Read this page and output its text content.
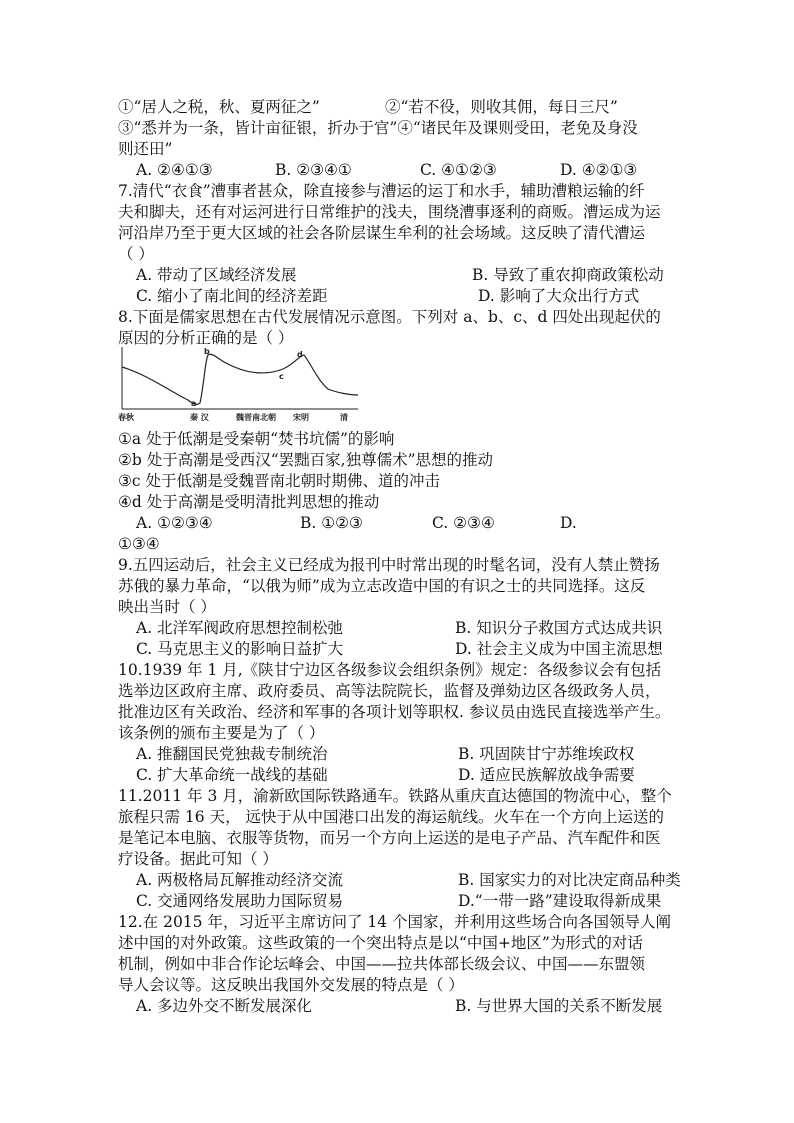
①“居人之税，秋、夏两征之”	②“若不役，则收其佣，每日三尺”
③“悉并为一条，皆计亩征银，折办于官”④“诸民年及课则受田，老免及身没
则还田”
A. ②④①③	B. ②③④①	C. ④①②③	D. ④②①③
7.清代“衣食”漕事者甚众，除直接参与漕运的运丁和水手，辅助漕粮运输的纤
夫和脚夫，还有对运河进行日常维护的浅夫，围绕漕事逐利的商贩。漕运成为运
河沿岸乃至于更大区域的社会各阶层谋生牟利的社会场域。这反映了清代漕运
（ ）
A. 带动了区域经济发展	B. 导致了重农抑商政策松动
C. 缩小了南北间的经济差距	D. 影响了大众出行方式
8.下面是儒家思想在古代发展情况示意图。下列对 a、b、c、d 四处出现起伏的
原因的分析正确的是（ ）
a
b
c
d
春秋	秦 汉	魏晋南北朝 宋明	清
①a 处于低潮是受秦朝“焚书坑儒”的影响
②b 处于高潮是受西汉“罢黜百家,独尊儒术”思想的推动
③c 处于低潮是受魏晋南北朝时期佛、道的冲击
④d 处于高潮是受明清批判思想的推动
A. ①②③④	B. ①②③	C. ②③④	D.
①③④
9.五四运动后，社会主义已经成为报刊中时常出现的时髦名词，没有人禁止赞扬
苏俄的暴力革命，“以俄为师”成为立志改造中国的有识之士的共同选择。这反
映出当时（ ）
A. 北洋军阀政府思想控制松弛	B. 知识分子救国方式达成共识
C. 马克思主义的影响日益扩大	D. 社会主义成为中国主流思想
10.1939 年 1 月,《陕甘宁边区各级参议会组织条例》规定：各级参议会有包括
选举边区政府主席、政府委员、高等法院院长，监督及弹劾边区各级政务人员，
批准边区有关政治、经济和军事的各项计划等职权. 参议员由选民直接选举产生。
该条例的颁布主要是为了（ ）
A. 推翻国民党独裁专制统治	B. 巩固陕甘宁苏维埃政权
C. 扩大革命统一战线的基础	D. 适应民族解放战争需要
11.2011 年 3 月，渝新欧国际铁路通车。铁路从重庆直达德国的物流中心，整个
旅程只需 16 天， 远快于从中国港口出发的海运航线。火车在一个方向上运送的
是笔记本电脑、衣服等货物，而另一个方向上运送的是电子产品、汽车配件和医
疗设备。据此可知（ ）
A. 两极格局瓦解推动经济交流	B. 国家实力的对比决定商品种类
C. 交通网络发展助力国际贸易	D.“一带一路”建设取得新成果
12.在 2015 年，习近平主席访问了 14 个国家，并利用这些场合向各国领导人阐
述中国的对外政策。这些政策的一个突出特点是以“中国+地区”为形式的对话
机制，例如中非合作论坛峰会、中国——拉共体部长级会议、中国——东盟领
导人会议等。这反映出我国外交发展的特点是（ ）
A. 多边外交不断发展深化	B. 与世界大国的关系不断发展
